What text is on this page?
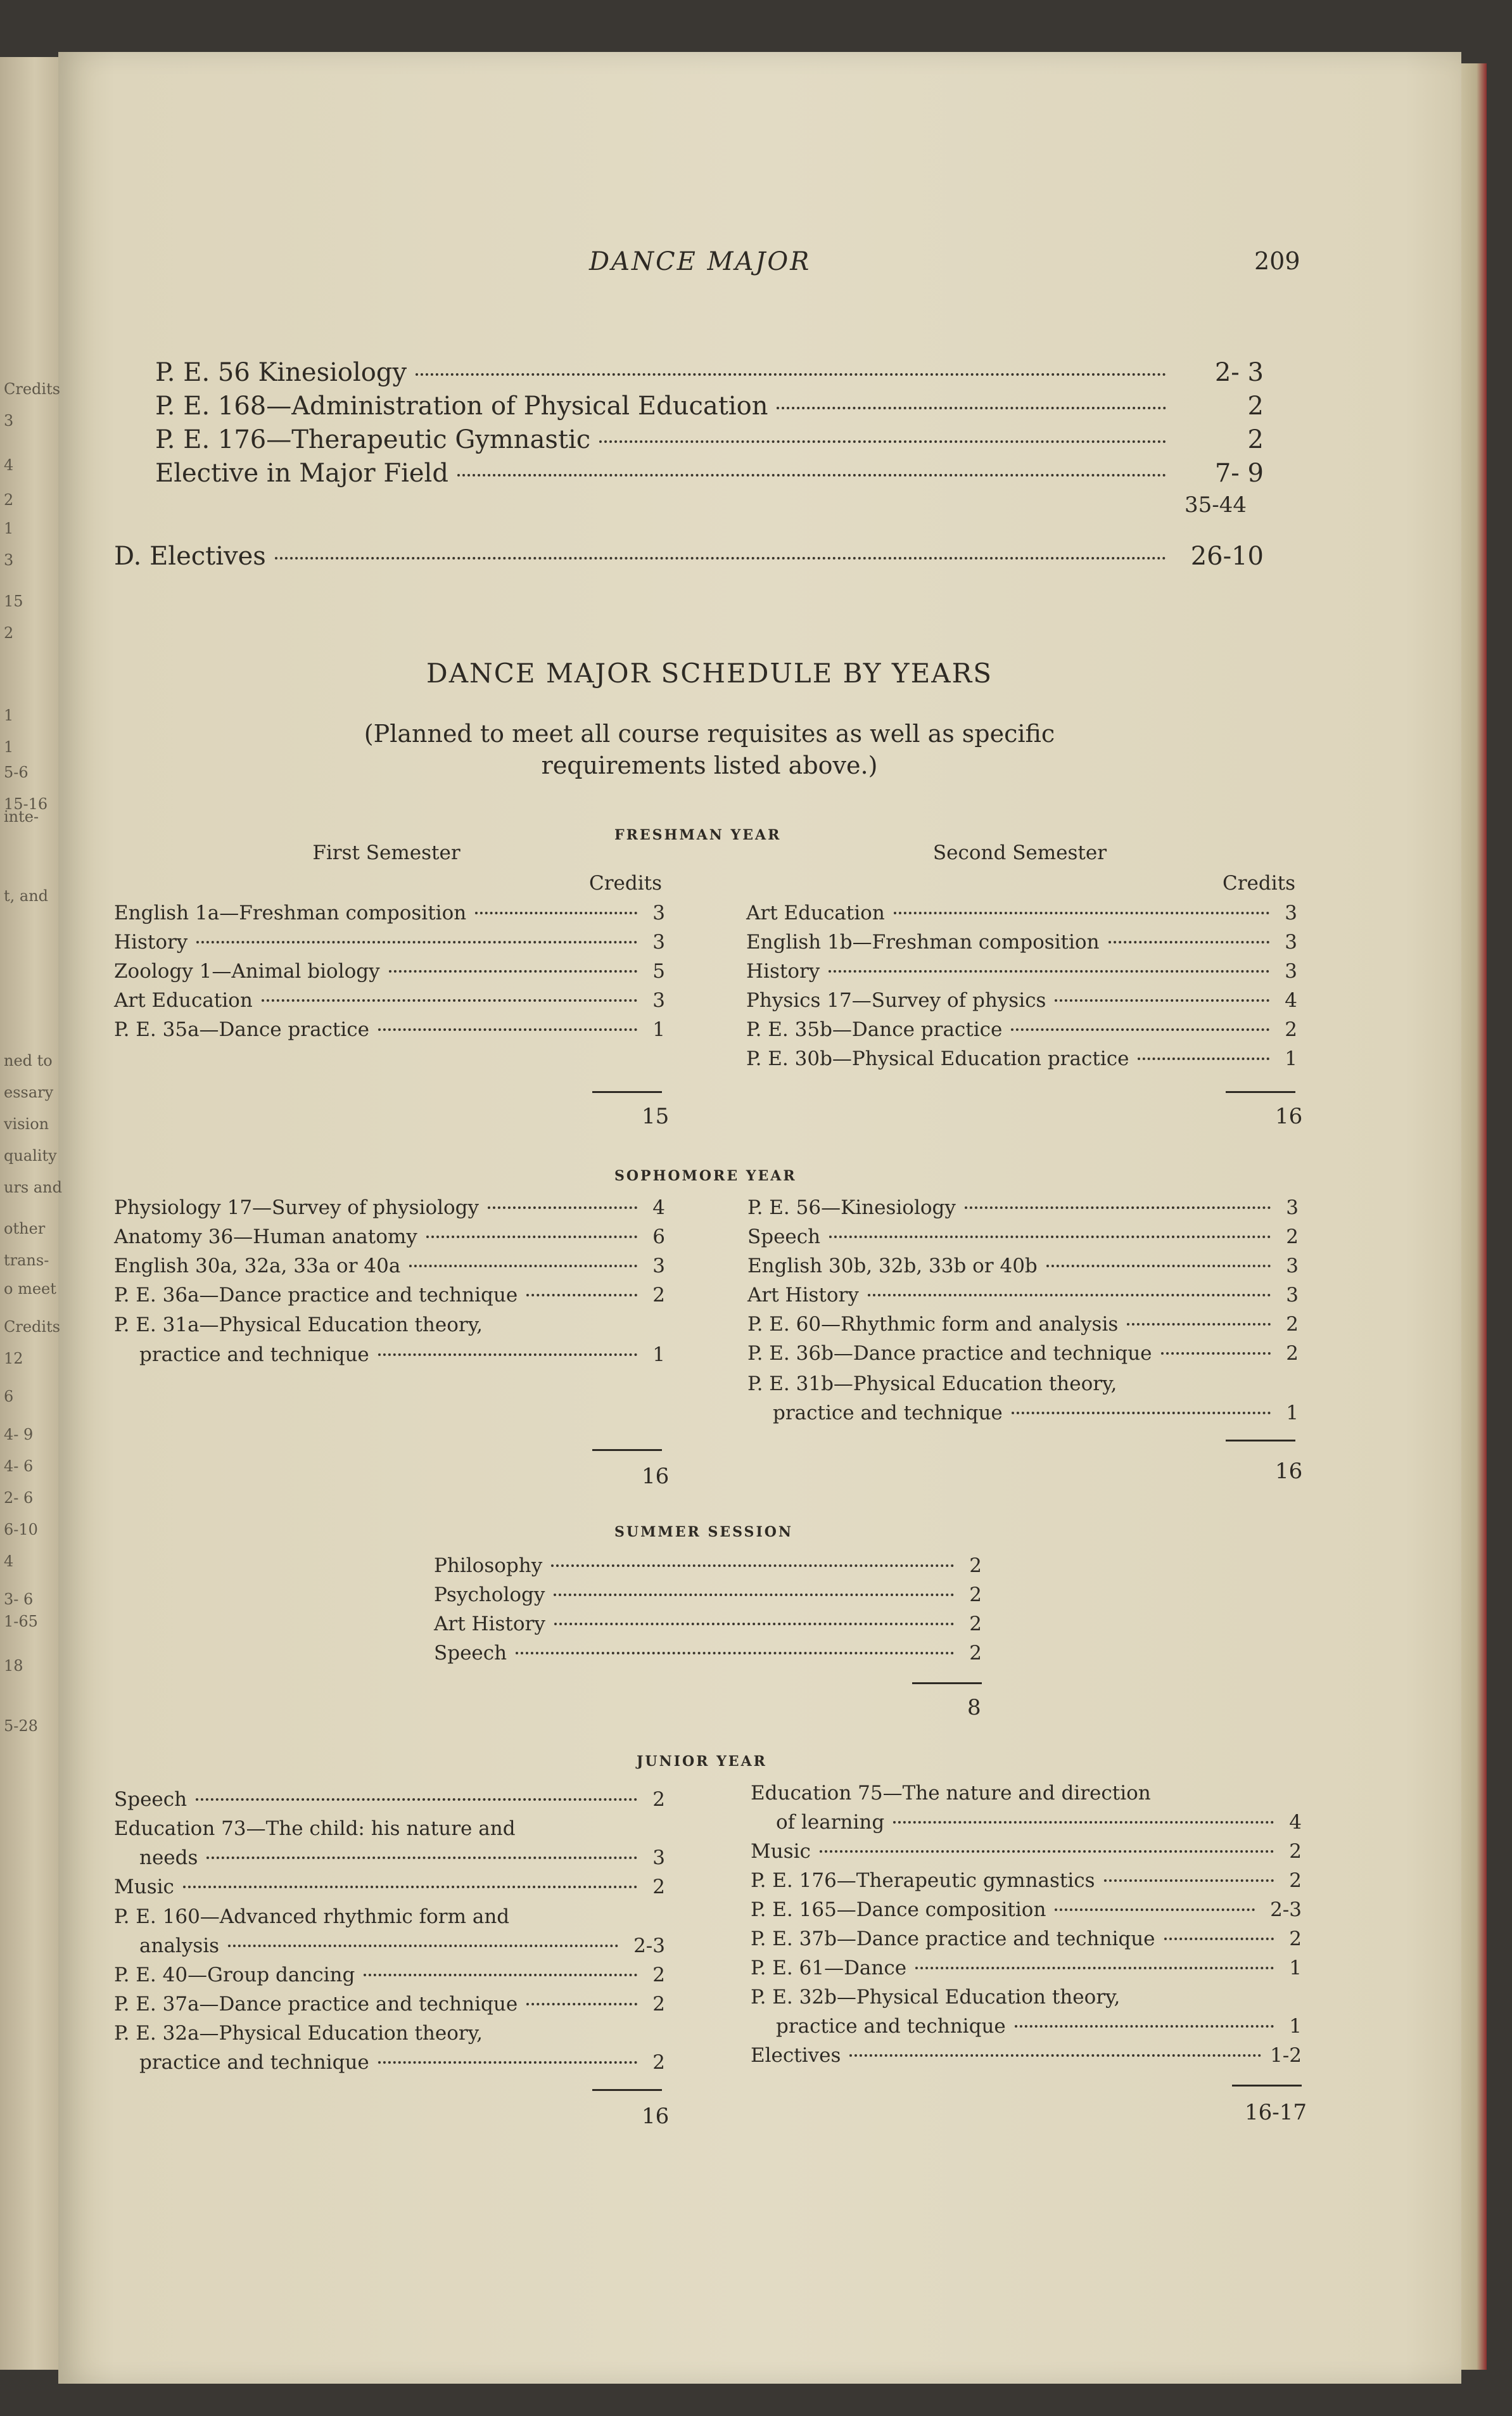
Credits
3
4
2
1
3
15
2
1
1
5-6
15-16
inte-
t, and
ned to
essary
vision
quality
urs and
other
trans-
o meet
Credits
12
6
4- 9
4- 6
2- 6
6-10
4
3- 6
1-65
18
5-28
DANCE MAJOR	209
P. E. 56 Kinesiology	2- 3
P. E. 168—Administration of Physical Education	2
P. E. 176—Therapeutic Gymnastic	2
Elective in Major Field	7- 9
35-44
D. Electives	26-10
DANCE MAJOR SCHEDULE BY YEARS
(Planned to meet all course requisites as well as specific
requirements listed above.)
FRESHMAN YEAR
First Semester	Second Semester
Credits	Credits
English 1a—Freshman composition	3
History	3
Zoology 1—Animal biology	5
Art Education	3
P. E. 35a—Dance practice	1
Art Education	3
English 1b—Freshman composition	3
History	3
Physics 17—Survey of physics	4
P. E. 35b—Dance practice	2
P. E. 30b—Physical Education practice	1
15	16
SOPHOMORE YEAR
Physiology 17—Survey of physiology	4
Anatomy 36—Human anatomy	6
English 30a, 32a, 33a or 40a	3
P. E. 36a—Dance practice and technique	2
P. E. 31a—Physical Education theory,
practice and technique	1
P. E. 56—Kinesiology	3
Speech	2
English 30b, 32b, 33b or 40b	3
Art History	3
P. E. 60—Rhythmic form and analysis	2
P. E. 36b—Dance practice and technique	2
P. E. 31b—Physical Education theory,
practice and technique	1
16	16
SUMMER SESSION
Philosophy	2
Psychology	2
Art History	2
Speech	2
8
JUNIOR YEAR
Speech	2
Education 73—The child: his nature and
needs	3
Music	2
P. E. 160—Advanced rhythmic form and
analysis	2-3
P. E. 40—Group dancing	2
P. E. 37a—Dance practice and technique	2
P. E. 32a—Physical Education theory,
practice and technique	2
16
Education 75—The nature and direction
of learning	4
Music	2
P. E. 176—Therapeutic gymnastics	2
P. E. 165—Dance composition	2-3
P. E. 37b—Dance practice and technique	2
P. E. 61—Dance	1
P. E. 32b—Physical Education theory,
practice and technique	1
Electives	1-2
16-17
